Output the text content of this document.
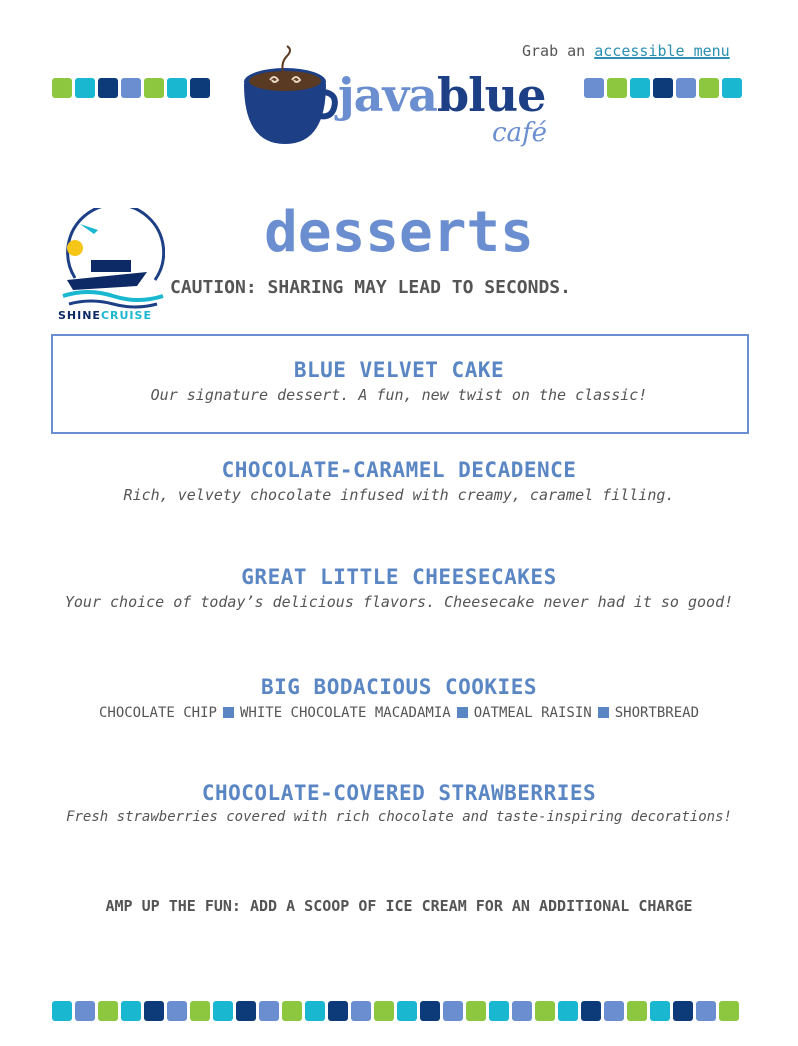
Grab an accessible menu
javablue
café
SHINECRUISE
desserts
CAUTION: SHARING MAY LEAD TO SECONDS.
BLUE VELVET CAKE

Our signature dessert. A fun, new twist on the classic!

CHOCOLATE-CARAMEL DECADENCE

Rich, velvety chocolate infused with creamy, caramel filling.

GREAT LITTLE CHEESECAKES

Your choice of today’s delicious flavors. Cheesecake never had it so good!

BIG BODACIOUS COOKIES
CHOCOLATE CHIP WHITE CHOCOLATE MACADAMIA OATMEAL RAISIN SHORTBREAD
CHOCOLATE-COVERED STRAWBERRIES

Fresh strawberries covered with rich chocolate and taste-inspiring decorations!

AMP UP THE FUN: ADD A SCOOP OF ICE CREAM FOR AN ADDITIONAL CHARGE
